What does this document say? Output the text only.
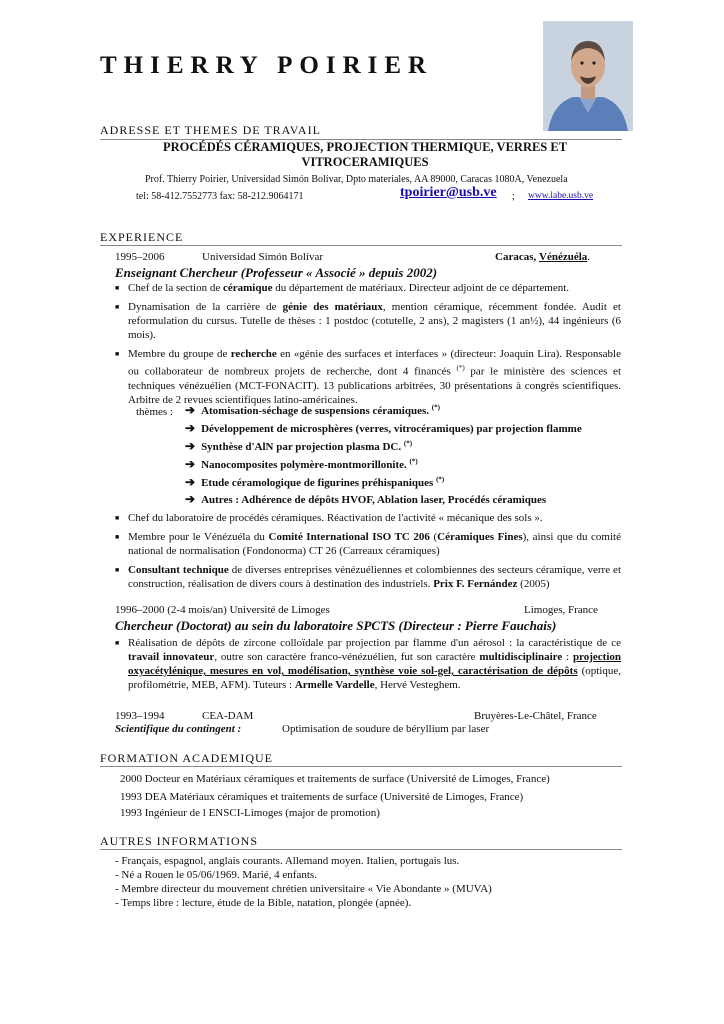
THIERRY POIRIER
ADRESSE ET THEMES DE TRAVAIL
PROCÉDÉS CÉRAMIQUES, PROJECTION THERMIQUE, VERRES ET VITROCERAMIQUES
Prof. Thierry Poirier, Universidad Simón Bolívar, Dpto materiales, AA 89000, Caracas 1080A, Venezuela
tel: 58-412.7552773 fax: 58-212.9064171	tpoirier@usb.ve ; www.labe.usb.ve
EXPERIENCE
1995–2006	Universidad Simón Bolívar	Caracas, Vénézuéla.
Enseignant Chercheur (Professeur « Associé » depuis 2002)
■ Chef de la section de céramique du département de matériaux. Directeur adjoint de ce département.
■ Dynamisation de la carrière de génie des matériaux, mention céramique, récemment fondée. Audit et reformulation du cursus. Tutelle de thèses : 1 postdoc (cotutelle, 2 ans), 2 magisters (1 an½), 44 ingénieurs (6 mois).
■ Membre du groupe de recherche en «génie des surfaces et interfaces » (directeur: Joaquin Lira). Responsable ou collaborateur de nombreux projets de recherche, dont 4 financés (*) par le ministère des sciences et techniques vénézuélien (MCT-FONACIT). 13 publications arbitrées, 30 présentations à congrès scientifiques. Arbitre de 2 revues scientifiques latino-américaines.
thèmes : ➔ Atomisation-séchage de suspensions céramiques. (*)
➔ Développement de microsphères (verres, vitrocéramiques) par projection flamme
➔ Synthèse d'AlN par projection plasma DC. (*)
➔ Nanocomposites polymère-montmorillonite. (*)
➔ Etude céramologique de figurines préhispaniques (*)
➔ Autres : Adhérence de dépôts HVOF, Ablation laser, Procédés céramiques
■ Chef du laboratoire de procédés céramiques. Réactivation de l'activité « mécanique des sols ».
■ Membre pour le Vénézuéla du Comité International ISO TC 206 (Céramiques Fines), ainsi que du comité national de normalisation (Fondonorma) CT 26 (Carreaux céramiques)
■ Consultant technique de diverses entreprises vénézuéliennes et colombiennes des secteurs céramique, verre et construction, réalisation de divers cours à destination des industriels. Prix F. Fernández (2005)
1996–2000 (2-4 mois/an) Université de Limoges	Limoges, France
Chercheur (Doctorat) au sein du laboratoire SPCTS (Directeur : Pierre Fauchais)
■ Réalisation de dépôts de zircone colloïdale par projection par flamme d'un aérosol : la caractéristique de ce travail innovateur, outre son caractère franco-vénézuélien, fut son caractère multidisciplinaire : projection oxyacétylénique, mesures en vol, modélisation, synthèse voie sol-gel, caractérisation de dépôts (optique, profilométrie, MEB, AFM). Tuteurs : Armelle Vardelle, Hervé Vesteghem.
1993–1994	CEA-DAM	Bruyères-Le-Châtel, France
Scientifique du contingent :	Optimisation de soudure de béryllium par laser
FORMATION ACADEMIQUE
2000 Docteur en Matériaux céramiques et traitements de surface (Université de Limoges, France)
1993 DEA Matériaux céramiques et traitements de surface (Université de Limoges, France)
1993 Ingénieur de l ENSCI-Limoges (major de promotion)
AUTRES INFORMATIONS
- Français, espagnol, anglais courants. Allemand moyen. Italien, portugais lus.
- Né a Rouen le 05/06/1969. Marié, 4 enfants.
- Membre directeur du mouvement chrétien universitaire « Vie Abondante » (MUVA)
- Temps libre : lecture, étude de la Bible, natation, plongée (apnée).
